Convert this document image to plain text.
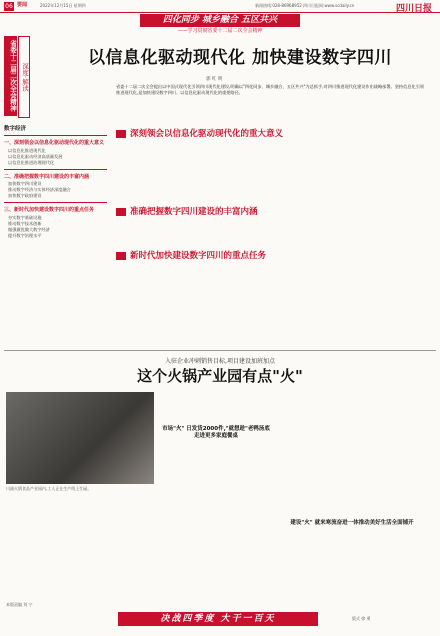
06 要闻	2022年12月15日 星期四	新闻热线:028-86968952 四川日报网:www.scdaily.cn	四川日报
四化同步 城乡融合 五区共兴
——学习贯彻省委十二届二次全会精神
省委十二届二次全会精神 深度·解读
以信息化驱动现代化 加快建设数字四川
郭 红 明
省委十二届二次全会提出以中国式现代化引领四川现代化建设,明确以"四化同步、城乡融合、五区共兴"为总抓手,对四川推进现代化建设作出战略部署。坚持信息化引领推进现代化,是加快建设数字四川、以信息化驱动现代化的重要路径。
数字经济
一、深刻领会以信息化驱动现代化的重大意义
以信息化推进现代化
以信息化驱动经济高质量发展
以信息化推进治理现代化
二、准确把握数字四川建设的丰富内涵
加快数字四川建设
推动数字经济与实体经济深度融合
加快数字政府建设
三、新时代加快建设数字四川的重点任务
夯实数字基础设施
推动数字技术创新
做强做优做大数字经济
提升数字治理水平
深刻领会以信息化驱动现代化的重大意义
准确把握数字四川建设的丰富内涵
新时代加快建设数字四川的重点任务
入驻企业冲刺销售目标,项目建设加班加点
这个火锅产业园有点"火"
川渝火锅食品产业园内,工人正在生产线上忙碌。
市场"火" 日发货2000件,"就想趁"老鸭汤底走进更多家庭餐桌
建设"火" 就来寒流奋进一体推动美好生活全面铺开
决战四季度 大干一百天
本版责编 刘 宁
版式 徐 勇
